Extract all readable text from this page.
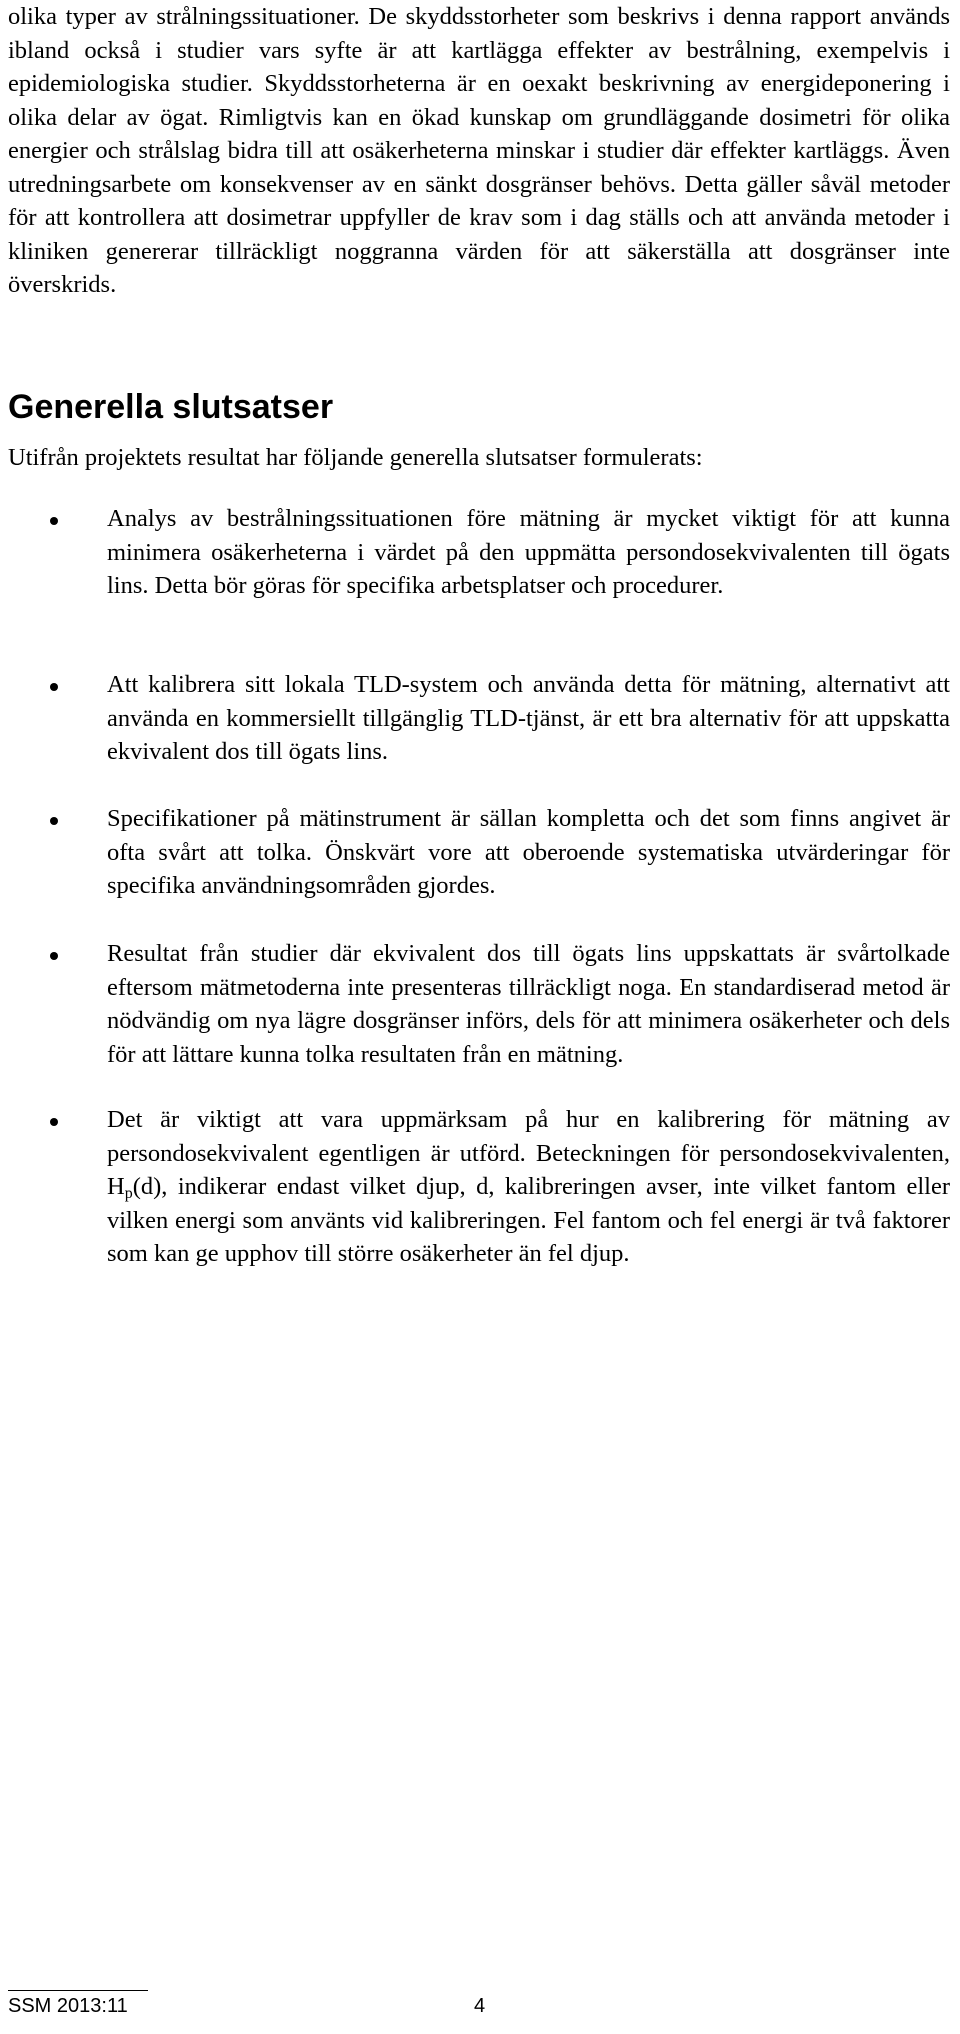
olika typer av strålningssituationer. De skyddsstorheter som beskrivs i denna rapport används ibland också i studier vars syfte är att kartlägga effekter av bestrålning, exempelvis i epidemiologiska studier. Skyddsstorheterna är en oexakt beskrivning av energideponering i olika delar av ögat. Rimligtvis kan en ökad kunskap om grundläggande dosimetri för olika energier och strålslag bidra till att osäkerheterna minskar i studier där effekter kartläggs. Även utredningsarbete om konsekvenser av en sänkt dosgränser behövs. Detta gäller såväl metoder för att kontrollera att dosimetrar uppfyller de krav som i dag ställs och att använda metoder i kliniken genererar tillräckligt noggranna värden för att säkerställa att dosgränser inte överskrids.

Generella slutsatser

Utifrån projektets resultat har följande generella slutsatser formulerats:

Analys av bestrålningssituationen före mätning är mycket viktigt för att kunna minimera osäkerheterna i värdet på den uppmätta persondosekvivalenten till ögats lins. Detta bör göras för specifika arbetsplatser och procedurer.

Att kalibrera sitt lokala TLD-system och använda detta för mätning, alternativt att använda en kommersiellt tillgänglig TLD-tjänst, är ett bra alternativ för att uppskatta ekvivalent dos till ögats lins.

Specifikationer på mätinstrument är sällan kompletta och det som finns angivet är ofta svårt att tolka. Önskvärt vore att oberoende systematiska utvärderingar för specifika användningsområden gjordes.

Resultat från studier där ekvivalent dos till ögats lins uppskattats är svårtolkade eftersom mätmetoderna inte presenteras tillräckligt noga. En standardiserad metod är nödvändig om nya lägre dosgränser införs, dels för att minimera osäkerheter och dels för att lättare kunna tolka resultaten från en mätning.

Det är viktigt att vara uppmärksam på hur en kalibrering för mätning av persondosekvivalent egentligen är utförd. Beteckningen för persondosekvivalenten, $H_p(d)$, indikerar endast vilket djup, d, kalibreringen avser, inte vilket fantom eller vilken energi som använts vid kalibreringen. Fel fantom och fel energi är två faktorer som kan ge upphov till större osäkerheter än fel djup.

SSM 2013:11	4
